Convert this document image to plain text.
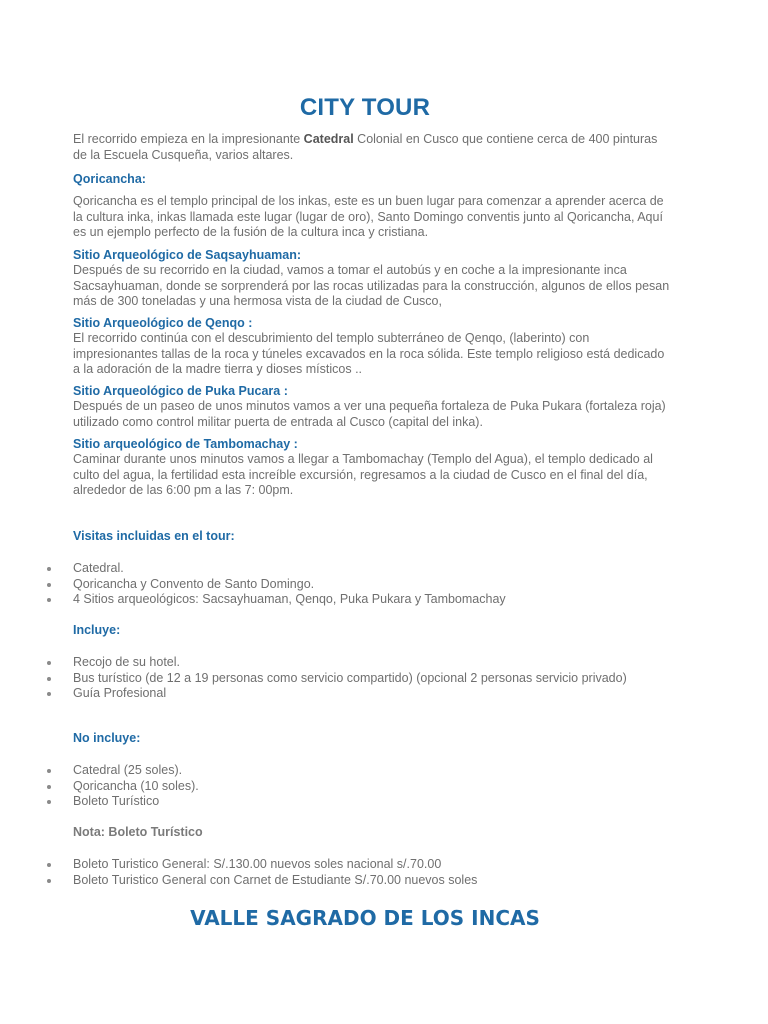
CITY TOUR

El recorrido empieza en la impresionante Catedral Colonial en Cusco que contiene cerca de 400 pinturas de la Escuela Cusqueña, varios altares.

Qoricancha:

Qoricancha es el templo principal de los inkas, este es un buen lugar para comenzar a aprender acerca de la cultura inka, inkas llamada este lugar (lugar de oro), Santo Domingo conventis junto al Qoricancha, Aquí es un ejemplo perfecto de la fusión de la cultura inca y cristiana.

Sitio Arqueológico de Saqsayhuaman:

Después de su recorrido en la ciudad, vamos a tomar el autobús y en coche a la impresionante inca Sacsayhuaman, donde se sorprenderá por las rocas utilizadas para la construcción, algunos de ellos pesan más de 300 toneladas y una hermosa vista de la ciudad de Cusco,

Sitio Arqueológico de Qenqo :

El recorrido continúa con el descubrimiento del templo subterráneo de Qenqo, (laberinto) con impresionantes tallas de la roca y túneles excavados en la roca sólida. Este templo religioso está dedicado a la adoración de la madre tierra y dioses místicos ..

Sitio Arqueológico de Puka Pucara :

Después de un paseo de unos minutos vamos a ver una pequeña fortaleza de Puka Pukara (fortaleza roja) utilizado como control militar puerta de entrada al Cusco (capital del inka).

Sitio arqueológico de Tambomachay :

Caminar durante unos minutos vamos a llegar a Tambomachay (Templo del Agua), el templo dedicado al culto del agua, la fertilidad esta increíble excursión, regresamos a la ciudad de Cusco en el final del día, alrededor de las 6:00 pm a las 7: 00pm.

Visitas incluidas en el tour:
Catedral.
Qoricancha y Convento de Santo Domingo.
4 Sitios arqueológicos: Sacsayhuaman, Qenqo, Puka Pukara y Tambomachay
Incluye:
Recojo de su hotel.
Bus turístico (de 12 a 19 personas como servicio compartido) (opcional 2 personas servicio privado)
Guía Profesional
No incluye:
Catedral (25 soles).
Qoricancha (10 soles).
Boleto Turístico
Nota: Boleto Turístico
Boleto Turistico General: S/.130.00 nuevos soles nacional s/.70.00
Boleto Turistico General con Carnet de Estudiante S/.70.00 nuevos soles
VALLE SAGRADO DE LOS INCAS
